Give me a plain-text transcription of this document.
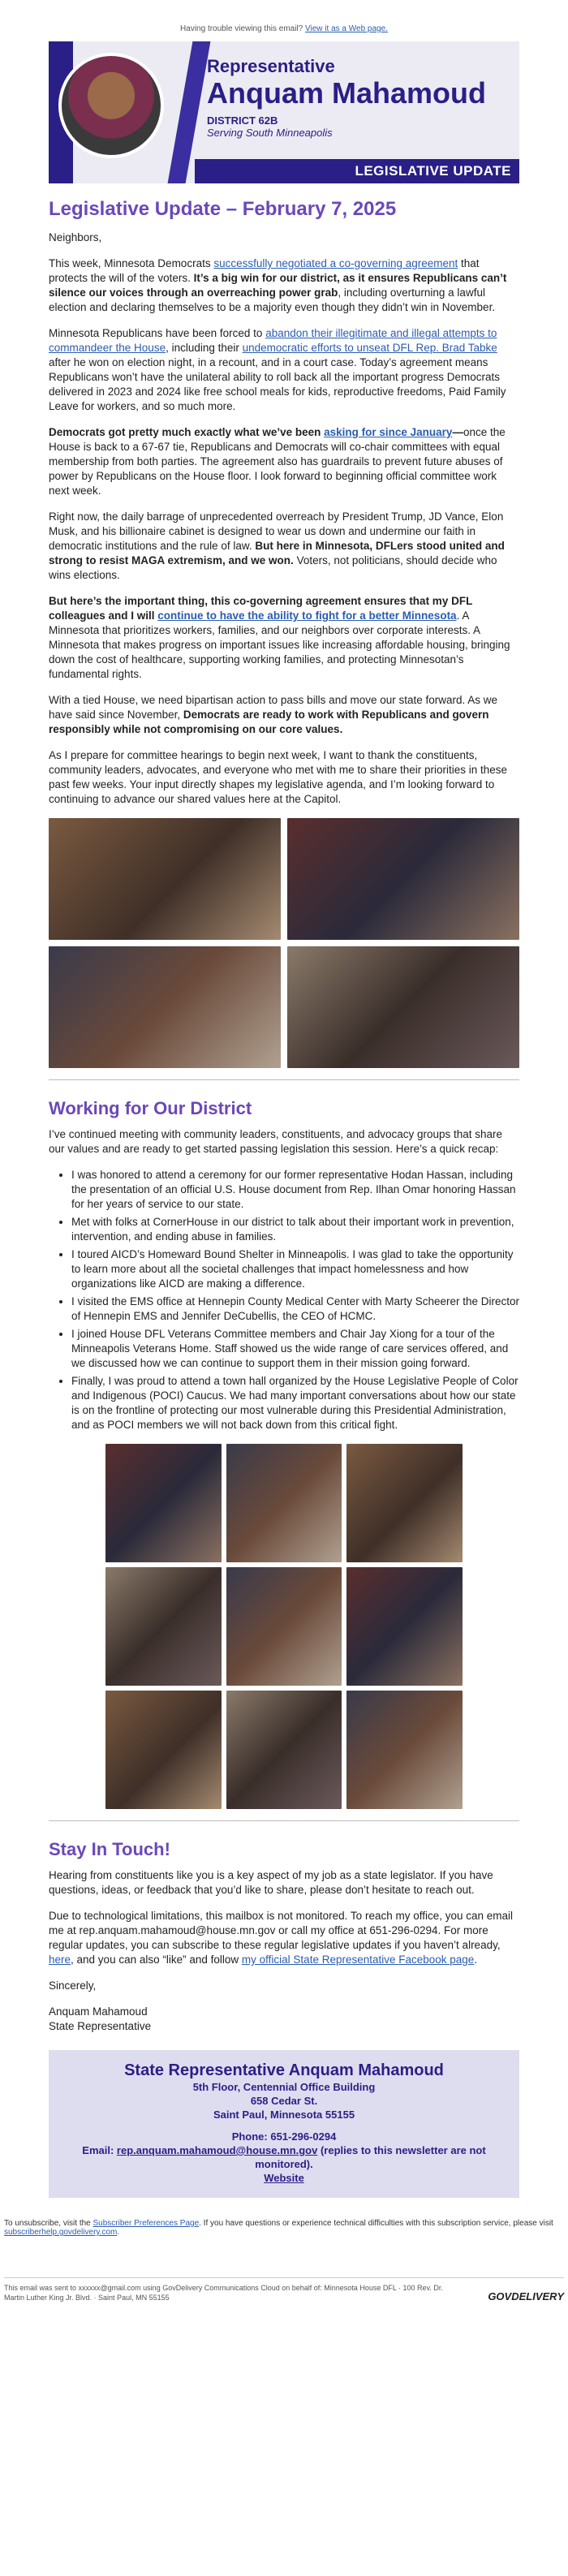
Having trouble viewing this email? View it as a Web page.
Representative
Anquam Mahamoud
DISTRICT 62B
Serving South Minneapolis
LEGISLATIVE UPDATE
Legislative Update – February 7, 2025

Neighbors,

This week, Minnesota Democrats successfully negotiated a co-governing agreement that protects the will of the voters. It’s a big win for our district, as it ensures Republicans can’t silence our voices through an overreaching power grab, including overturning a lawful election and declaring themselves to be a majority even though they didn’t win in November.

Minnesota Republicans have been forced to abandon their illegitimate and illegal attempts to commandeer the House, including their undemocratic efforts to unseat DFL Rep. Brad Tabke after he won on election night, in a recount, and in a court case. Today’s agreement means Republicans won’t have the unilateral ability to roll back all the important progress Democrats delivered in 2023 and 2024 like free school meals for kids, reproductive freedoms, Paid Family Leave for workers, and so much more.

Democrats got pretty much exactly what we’ve been asking for since January—once the House is back to a 67-67 tie, Republicans and Democrats will co-chair committees with equal membership from both parties. The agreement also has guardrails to prevent future abuses of power by Republicans on the House floor. I look forward to beginning official committee work next week.

Right now, the daily barrage of unprecedented overreach by President Trump, JD Vance, Elon Musk, and his billionaire cabinet is designed to wear us down and undermine our faith in democratic institutions and the rule of law. But here in Minnesota, DFLers stood united and strong to resist MAGA extremism, and we won. Voters, not politicians, should decide who wins elections.

But here’s the important thing, this co-governing agreement ensures that my DFL colleagues and I will continue to have the ability to fight for a better Minnesota. A Minnesota that prioritizes workers, families, and our neighbors over corporate interests. A Minnesota that makes progress on important issues like increasing affordable housing, bringing down the cost of healthcare, supporting working families, and protecting Minnesotan’s fundamental rights.

With a tied House, we need bipartisan action to pass bills and move our state forward. As we have said since November, Democrats are ready to work with Republicans and govern responsibly while not compromising on our core values.

As I prepare for committee hearings to begin next week, I want to thank the constituents, community leaders, advocates, and everyone who met with me to share their priorities in these past few weeks. Your input directly shapes my legislative agenda, and I’m looking forward to continuing to advance our shared values here at the Capitol.

Working for Our District

I’ve continued meeting with community leaders, constituents, and advocacy groups that share our values and are ready to get started passing legislation this session. Here’s a quick recap:

• I was honored to attend a ceremony for our former representative Hodan Hassan, including the presentation of an official U.S. House document from Rep. Ilhan Omar honoring Hassan for her years of service to our state.
• Met with folks at CornerHouse in our district to talk about their important work in prevention, intervention, and ending abuse in families.
• I toured AICD’s Homeward Bound Shelter in Minneapolis. I was glad to take the opportunity to learn more about all the societal challenges that impact homelessness and how organizations like AICD are making a difference.
• I visited the EMS office at Hennepin County Medical Center with Marty Scheerer the Director of Hennepin EMS and Jennifer DeCubellis, the CEO of HCMC.
• I joined House DFL Veterans Committee members and Chair Jay Xiong for a tour of the Minneapolis Veterans Home. Staff showed us the wide range of care services offered, and we discussed how we can continue to support them in their mission going forward.
• Finally, I was proud to attend a town hall organized by the House Legislative People of Color and Indigenous (POCI) Caucus. We had many important conversations about how our state is on the frontline of protecting our most vulnerable during this Presidential Administration, and as POCI members we will not back down from this critical fight.
Stay In Touch!

Hearing from constituents like you is a key aspect of my job as a state legislator. If you have questions, ideas, or feedback that you’d like to share, please don’t hesitate to reach out.

Due to technological limitations, this mailbox is not monitored. To reach my office, you can email me at rep.anquam.mahamoud@house.mn.gov or call my office at 651-296-0294. For more regular updates, you can subscribe to these regular legislative updates if you haven’t already, here, and you can also “like” and follow my official State Representative Facebook page.

Sincerely,

Anquam Mahamoud
State Representative

State Representative Anquam Mahamoud
5th Floor, Centennial Office Building
658 Cedar St.
Saint Paul, Minnesota 55155
Phone: 651-296-0294
Email: rep.anquam.mahamoud@house.mn.gov (replies to this newsletter are not monitored).
Website
To unsubscribe, visit the Subscriber Preferences Page. If you have questions or experience technical difficulties with this subscription service, please visit subscriberhelp.govdelivery.com.
This email was sent to xxxxxx@gmail.com using GovDelivery Communications Cloud on behalf of: Minnesota House DFL · 100 Rev. Dr. Martin Luther King Jr. Blvd. · Saint Paul, MN 55155	GOVDELIVERY
